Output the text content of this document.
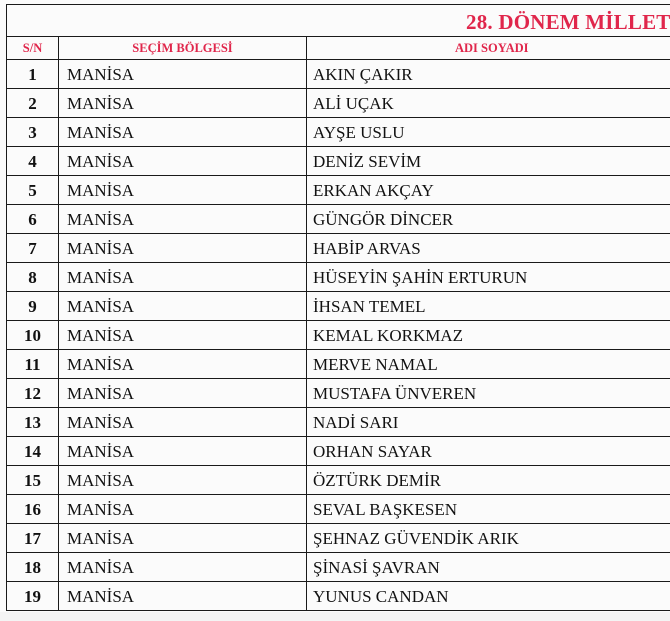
28. DÖNEM MİLLET		
S/N	SEÇİM BÖLGESİ	ADI SOYADI
1	MANİSA	AKIN ÇAKIR
2	MANİSA	ALİ UÇAK
3	MANİSA	AYŞE USLU
4	MANİSA	DENİZ SEVİM
5	MANİSA	ERKAN AKÇAY
6	MANİSA	GÜNGÖR DİNCER
7	MANİSA	HABİP ARVAS
8	MANİSA	HÜSEYİN ŞAHİN ERTURUN
9	MANİSA	İHSAN TEMEL
10	MANİSA	KEMAL KORKMAZ
11	MANİSA	MERVE NAMAL
12	MANİSA	MUSTAFA ÜNVEREN
13	MANİSA	NADİ SARI
14	MANİSA	ORHAN SAYAR
15	MANİSA	ÖZTÜRK DEMİR
16	MANİSA	SEVAL BAŞKESEN
17	MANİSA	ŞEHNAZ GÜVENDİK ARIK
18	MANİSA	ŞİNASİ ŞAVRAN
19	MANİSA	YUNUS CANDAN
